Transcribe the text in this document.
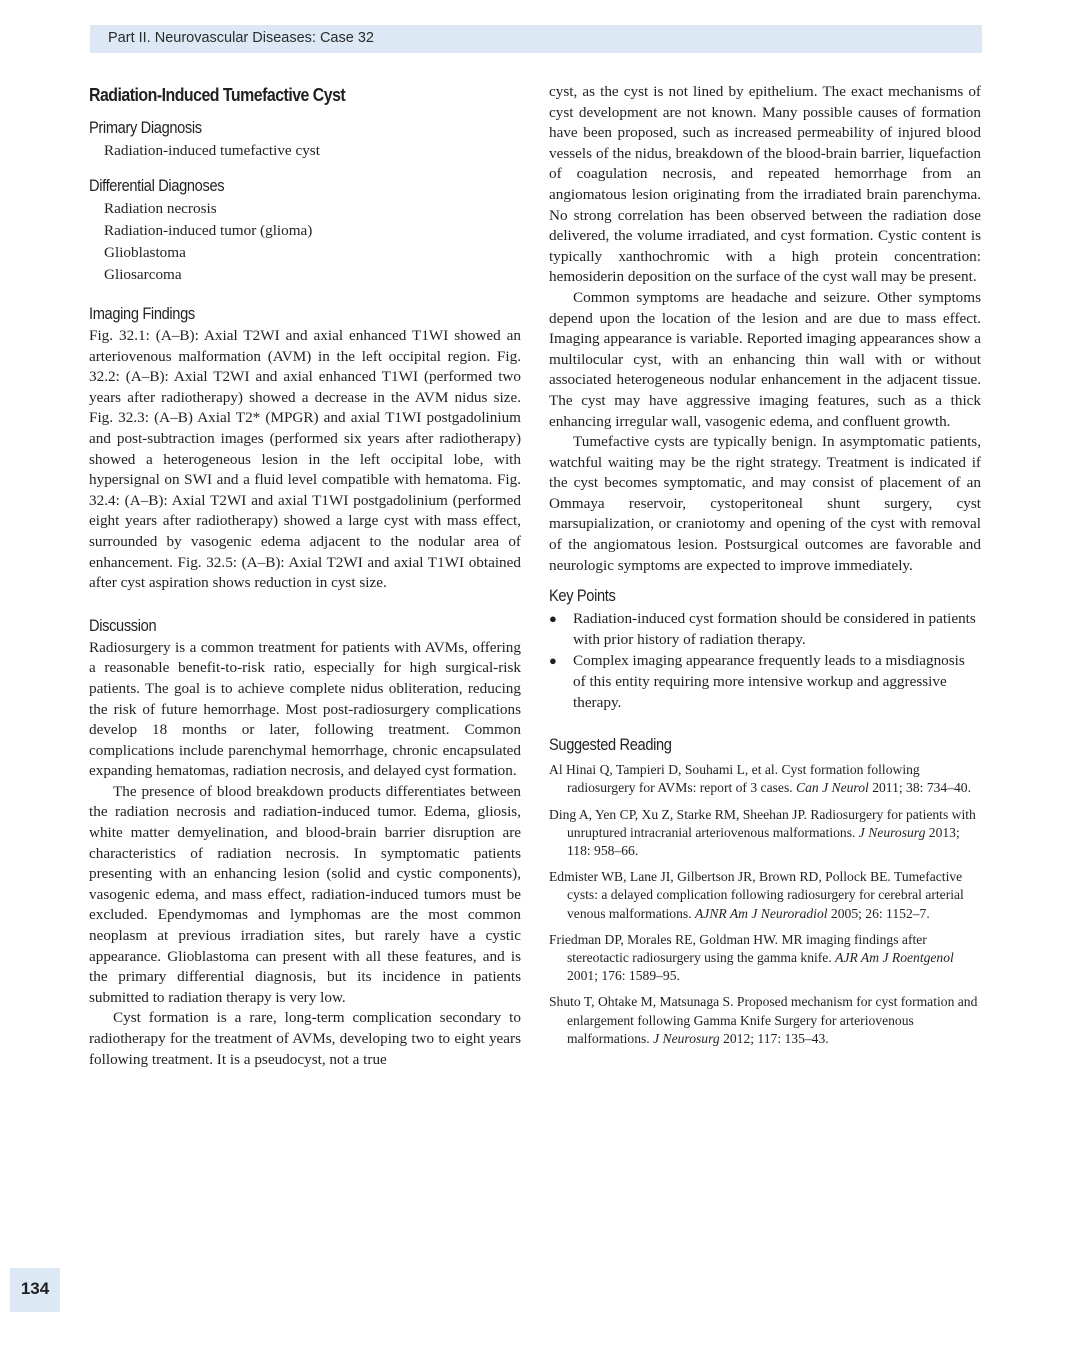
Part II. Neurovascular Diseases: Case 32
Radiation-Induced Tumefactive Cyst
Primary Diagnosis
Radiation-induced tumefactive cyst
Differential Diagnoses
Radiation necrosis
Radiation-induced tumor (glioma)
Glioblastoma
Gliosarcoma
Imaging Findings

Fig. 32.1: (A–B): Axial T2WI and axial enhanced T1WI showed an arteriovenous malformation (AVM) in the left occipital region. Fig. 32.2: (A–B): Axial T2WI and axial enhanced T1WI (performed two years after radiotherapy) showed a decrease in the AVM nidus size. Fig. 32.3: (A–B) Axial T2* (MPGR) and axial T1WI postgadolinium and post-subtraction images (performed six years after radiotherapy) showed a heterogeneous lesion in the left occipital lobe, with hypersignal on SWI and a fluid level compatible with hematoma. Fig. 32.4: (A–B): Axial T2WI and axial T1WI postgadolinium (performed eight years after radiotherapy) showed a large cyst with mass effect, surrounded by vasogenic edema adjacent to the nodular area of enhancement. Fig. 32.5: (A–B): Axial T2WI and axial T1WI obtained after cyst aspiration shows reduction in cyst size.

Discussion

Radiosurgery is a common treatment for patients with AVMs, offering a reasonable benefit-to-risk ratio, especially for high surgical-risk patients. The goal is to achieve complete nidus obliteration, reducing the risk of future hemorrhage. Most post-radiosurgery complications develop 18 months or later, following treatment. Common complications include parenchymal hemorrhage, chronic encapsulated expanding hematomas, radiation necrosis, and delayed cyst formation.

The presence of blood breakdown products differentiates between the radiation necrosis and radiation-induced tumor. Edema, gliosis, white matter demyelination, and blood-brain barrier disruption are characteristics of radiation necrosis. In symptomatic patients presenting with an enhancing lesion (solid and cystic components), vasogenic edema, and mass effect, radiation-induced tumors must be excluded. Ependymomas and lymphomas are the most common neoplasm at previous irradiation sites, but rarely have a cystic appearance. Glioblastoma can present with all these features, and is the primary differential diagnosis, but its incidence in patients submitted to radiation therapy is very low.

Cyst formation is a rare, long-term complication secondary to radiotherapy for the treatment of AVMs, developing two to eight years following treatment. It is a pseudocyst, not a true

cyst, as the cyst is not lined by epithelium. The exact mechanisms of cyst development are not known. Many possible causes of formation have been proposed, such as increased permeability of injured blood vessels of the nidus, breakdown of the blood-brain barrier, liquefaction of coagulation necrosis, and repeated hemorrhage from an angiomatous lesion originating from the irradiated brain parenchyma. No strong correlation has been observed between the radiation dose delivered, the volume irradiated, and cyst formation. Cystic content is typically xanthochromic with a high protein concentration: hemosiderin deposition on the surface of the cyst wall may be present.

Common symptoms are headache and seizure. Other symptoms depend upon the location of the lesion and are due to mass effect. Imaging appearance is variable. Reported imaging appearances show a multilocular cyst, with an enhancing thin wall with or without associated heterogeneous nodular enhancement in the adjacent tissue. The cyst may have aggressive imaging features, such as a thick enhancing irregular wall, vasogenic edema, and confluent growth.

Tumefactive cysts are typically benign. In asymptomatic patients, watchful waiting may be the right strategy. Treatment is indicated if the cyst becomes symptomatic, and may consist of placement of an Ommaya reservoir, cystoperitoneal shunt surgery, cyst marsupialization, or craniotomy and opening of the cyst with removal of the angiomatous lesion. Postsurgical outcomes are favorable and neurologic symptoms are expected to improve immediately.

Key Points
●	Radiation-induced cyst formation should be considered in patients with prior history of radiation therapy.
●	Complex imaging appearance frequently leads to a misdiagnosis of this entity requiring more intensive workup and aggressive therapy.
Suggested Reading

Al Hinai Q, Tampieri D, Souhami L, et al. Cyst formation following radiosurgery for AVMs: report of 3 cases. Can J Neurol 2011; 38: 734–40.

Ding A, Yen CP, Xu Z, Starke RM, Sheehan JP. Radiosurgery for patients with unruptured intracranial arteriovenous malformations. J Neurosurg 2013; 118: 958–66.

Edmister WB, Lane JI, Gilbertson JR, Brown RD, Pollock BE. Tumefactive cysts: a delayed complication following radiosurgery for cerebral arterial venous malformations. AJNR Am J Neuroradiol 2005; 26: 1152–7.

Friedman DP, Morales RE, Goldman HW. MR imaging findings after stereotactic radiosurgery using the gamma knife. AJR Am J Roentgenol 2001; 176: 1589–95.

Shuto T, Ohtake M, Matsunaga S. Proposed mechanism for cyst formation and enlargement following Gamma Knife Surgery for arteriovenous malformations. J Neurosurg 2012; 117: 135–43.

134
